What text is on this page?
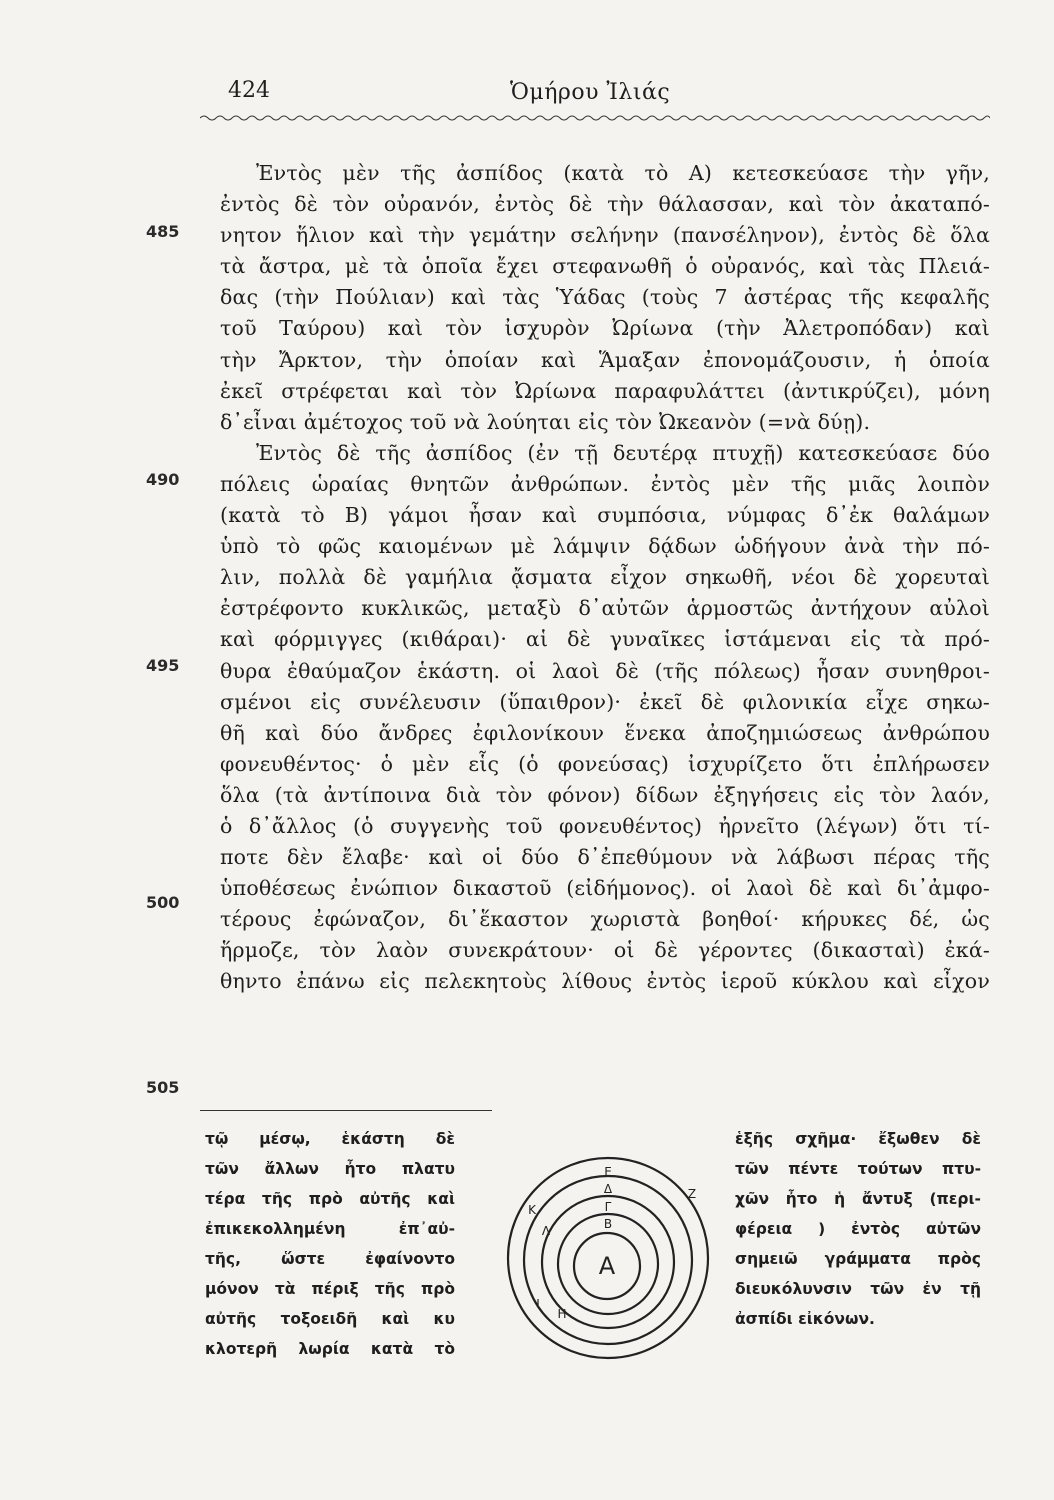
424	Ὁμήρου Ἰλιάς
485
490
495
500
505
Ἐντὸς μὲν τῆς ἀσπίδος (κατὰ τὸ Α) κετεσκεύασε τὴν γῆν,
ἐντὸς δὲ τὸν οὐρανόν, ἐντὸς δὲ τὴν θάλασσαν, καὶ τὸν ἀκαταπό-
νητον ἥλιον καὶ τὴν γεμάτην σελήνην (πανσέληνον), ἐντὸς δὲ ὅλα
τὰ ἄστρα, μὲ τὰ ὁποῖα ἔχει στεφανωθῆ ὁ οὐρανός, καὶ τὰς Πλειά-
δας (τὴν Πούλιαν) καὶ τὰς Ὑάδας (τοὺς 7 ἀστέρας τῆς κεφαλῆς
τοῦ Ταύρου) καὶ τὸν ἰσχυρὸν Ὠρίωνα (τὴν Ἀλετροπόδαν) καὶ
τὴν Ἄρκτον, τὴν ὁποίαν καὶ Ἅμαξαν ἐπονομάζουσιν, ἡ ὁποία
ἐκεῖ στρέφεται καὶ τὸν Ὠρίωνα παραφυλάττει (ἀντικρύζει), μόνη
δ᾽εἶναι ἀμέτοχος τοῦ νὰ λούηται εἰς τὸν Ὠκεανὸν (=νὰ δύῃ).
Ἐντὸς δὲ τῆς ἀσπίδος (ἐν τῇ δευτέρᾳ πτυχῇ) κατεσκεύασε δύο
πόλεις ὡραίας θνητῶν ἀνθρώπων. ἐντὸς μὲν τῆς μιᾶς λοιπὸν
(κατὰ τὸ Β) γάμοι ἦσαν καὶ συμπόσια, νύμφας δ᾽ἐκ θαλάμων
ὑπὸ τὸ φῶς καιομένων μὲ λάμψιν δᾴδων ὡδήγουν ἀνὰ τὴν πό-
λιν, πολλὰ δὲ γαμήλια ᾄσματα εἶχον σηκωθῆ, νέοι δὲ χορευταὶ
ἐστρέφοντο κυκλικῶς, μεταξὺ δ᾽αὐτῶν ἁρμοστῶς ἀντήχουν αὐλοὶ
καὶ φόρμιγγες (κιθάραι)· αἱ δὲ γυναῖκες ἱστάμεναι εἰς τὰ πρό-
θυρα ἐθαύμαζον ἑκάστη. οἱ λαοὶ δὲ (τῆς πόλεως) ἦσαν συνηθροι-
σμένοι εἰς συνέλευσιν (ὕπαιθρον)· ἐκεῖ δὲ φιλονικία εἶχε σηκω-
θῆ καὶ δύο ἄνδρες ἐφιλονίκουν ἕνεκα ἀποζημιώσεως ἀνθρώπου
φονευθέντος· ὁ μὲν εἷς (ὁ φονεύσας) ἰσχυρίζετο ὅτι ἐπλήρωσεν
ὅλα (τὰ ἀντίποινα διὰ τὸν φόνον) δίδων ἐξηγήσεις εἰς τὸν λαόν,
ὁ δ᾽ἄλλος (ὁ συγγενὴς τοῦ φονευθέντος) ἠρνεῖτο (λέγων) ὅτι τί-
ποτε δὲν ἔλαβε· καὶ οἱ δύο δ᾽ἐπεθύμουν νὰ λάβωσι πέρας τῆς
ὑποθέσεως ἐνώπιον δικαστοῦ (εἰδήμονος). οἱ λαοὶ δὲ καὶ δι᾽ἀμφο-
τέρους ἐφώναζον, δι᾽ἕκαστον χωριστὰ βοηθοί· κήρυκες δέ, ὡς
ἥρμοζε, τὸν λαὸν συνεκράτουν· οἱ δὲ γέροντες (δικασταὶ) ἐκά-
θηντο ἐπάνω εἰς πελεκητοὺς λίθους ἐντὸς ἱεροῦ κύκλου καὶ εἶχον
τῷ μέσῳ, ἑκάστη δὲ
τῶν ἄλλων ἦτο πλατυ
τέρα τῆς πρὸ αὐτῆς καὶ
ἐπικεκολλημένη ἐπ᾽αὐ-
τῆς, ὥστε ἐφαίνοντο
μόνον τὰ πέριξ τῆς πρὸ
αὐτῆς τοξοειδῆ καὶ κυ
κλοτερῆ λωρία κατὰ τὸ
Α
Β
Γ
Δ
Ε
Ζ
Κ
Λ
Ι
Η
ἑξῆς σχῆμα· ἔξωθεν δὲ
τῶν πέντε τούτων πτυ-
χῶν ἦτο ἡ ἄντυξ (περι-
φέρεια ) ἐντὸς αὐτῶν
σημειῶ γράμματα πρὸς
διευκόλυνσιν τῶν ἐν τῇ
ἀσπίδι εἰκόνων.
